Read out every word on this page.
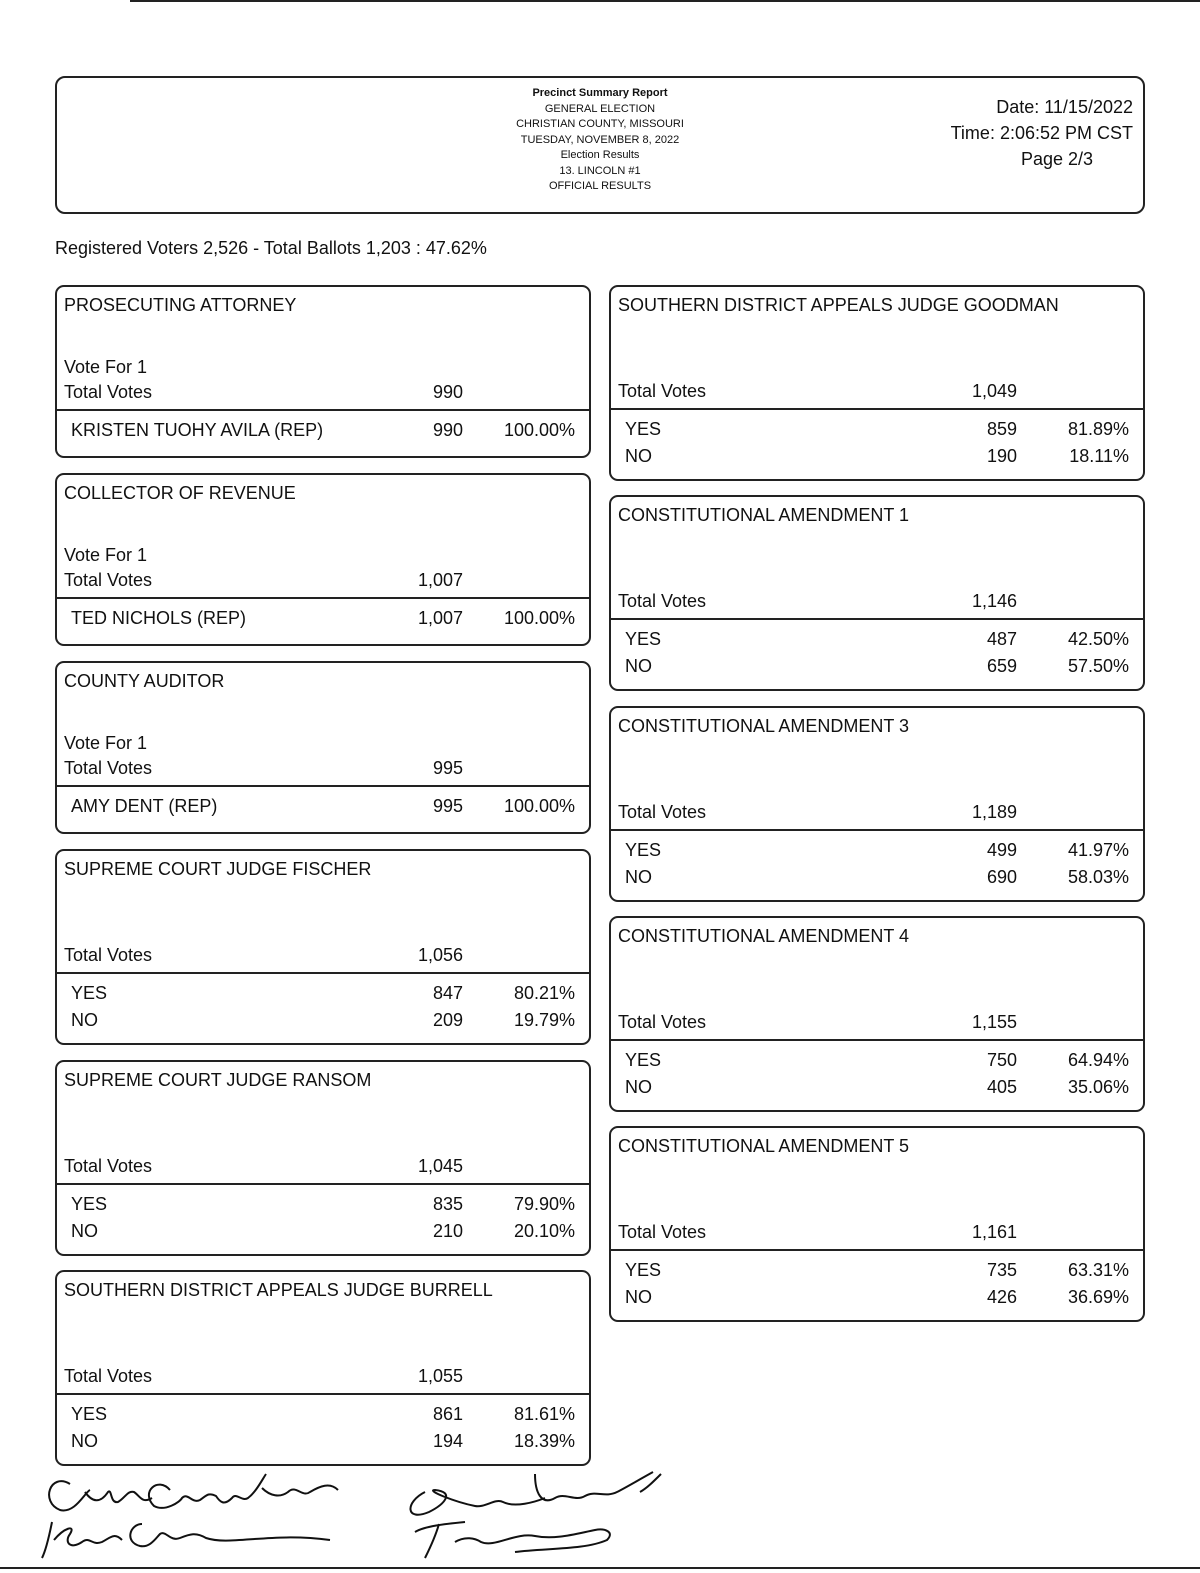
Precinct Summary Report
GENERAL ELECTION
CHRISTIAN COUNTY, MISSOURI
TUESDAY, NOVEMBER 8, 2022
Election Results
13. LINCOLN #1
OFFICIAL RESULTS
Date: 11/15/2022
Time: 2:06:52 PM CST
Page 2/3
Registered Voters 2,526 - Total Ballots 1,203 : 47.62%
PROSECUTING ATTORNEY
Vote For 1
Total Votes	990
KRISTEN TUOHY AVILA (REP)	990	100.00%
COLLECTOR OF REVENUE
Vote For 1
Total Votes	1,007
TED NICHOLS (REP)	1,007	100.00%
COUNTY AUDITOR
Vote For 1
Total Votes	995
AMY DENT (REP)	995	100.00%
SUPREME COURT JUDGE FISCHER
Total Votes	1,056
YES	847	80.21%
NO	209	19.79%
SUPREME COURT JUDGE RANSOM
Total Votes	1,045
YES	835	79.90%
NO	210	20.10%
SOUTHERN DISTRICT APPEALS JUDGE BURRELL
Total Votes	1,055
YES	861	81.61%
NO	194	18.39%
SOUTHERN DISTRICT APPEALS JUDGE GOODMAN
Total Votes	1,049
YES	859	81.89%
NO	190	18.11%
CONSTITUTIONAL AMENDMENT 1
Total Votes	1,146
YES	487	42.50%
NO	659	57.50%
CONSTITUTIONAL AMENDMENT 3
Total Votes	1,189
YES	499	41.97%
NO	690	58.03%
CONSTITUTIONAL AMENDMENT 4
Total Votes	1,155
YES	750	64.94%
NO	405	35.06%
CONSTITUTIONAL AMENDMENT 5
Total Votes	1,161
YES	735	63.31%
NO	426	36.69%
